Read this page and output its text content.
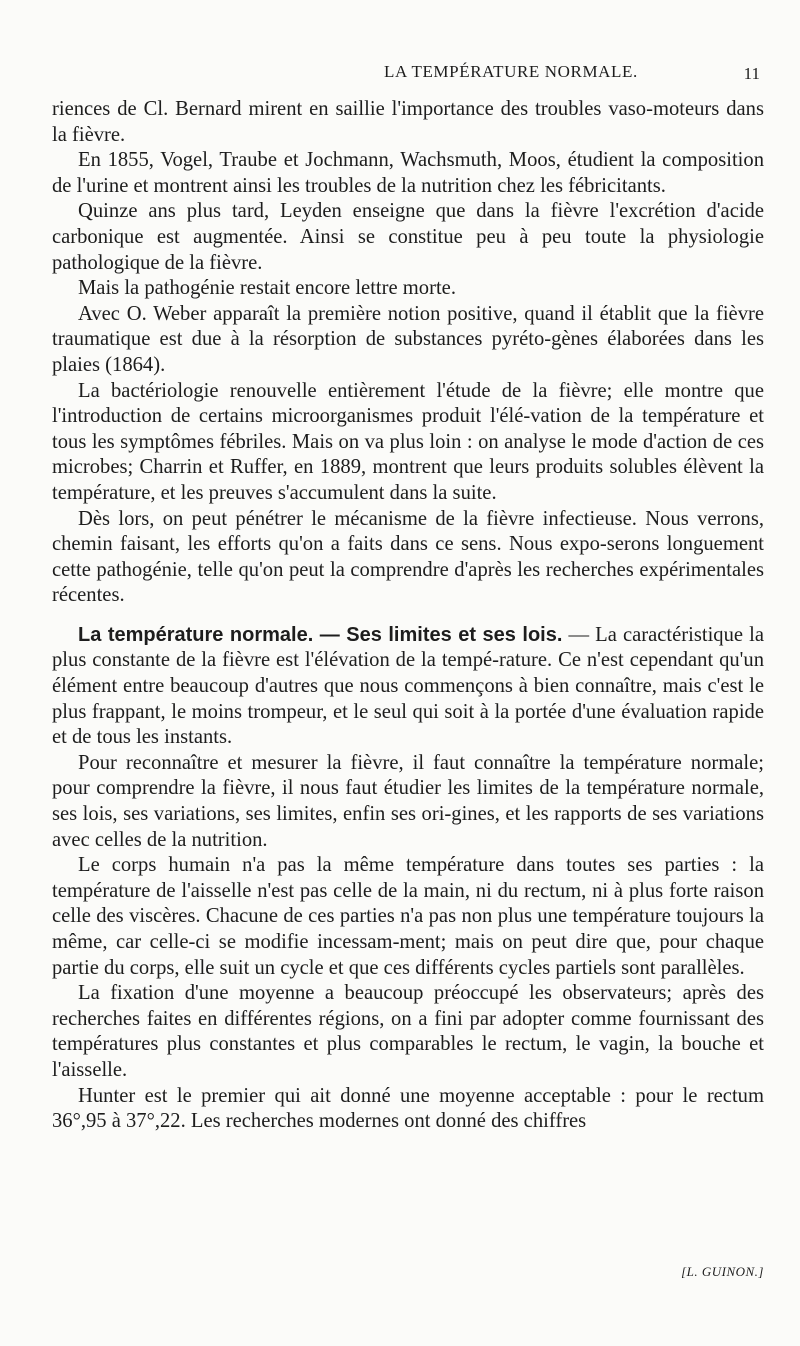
LA TEMPÉRATURE NORMALE.	11

riences de Cl. Bernard mirent en saillie l'importance des troubles vaso-moteurs dans la fièvre.

En 1855, Vogel, Traube et Jochmann, Wachsmuth, Moos, étudient la composition de l'urine et montrent ainsi les troubles de la nutrition chez les fébricitants.

Quinze ans plus tard, Leyden enseigne que dans la fièvre l'excrétion d'acide carbonique est augmentée. Ainsi se constitue peu à peu toute la physiologie pathologique de la fièvre.

Mais la pathogénie restait encore lettre morte.

Avec O. Weber apparaît la première notion positive, quand il établit que la fièvre traumatique est due à la résorption de substances pyréto-gènes élaborées dans les plaies (1864).

La bactériologie renouvelle entièrement l'étude de la fièvre; elle montre que l'introduction de certains microorganismes produit l'élé-vation de la température et tous les symptômes fébriles. Mais on va plus loin : on analyse le mode d'action de ces microbes; Charrin et Ruffer, en 1889, montrent que leurs produits solubles élèvent la température, et les preuves s'accumulent dans la suite.

Dès lors, on peut pénétrer le mécanisme de la fièvre infectieuse. Nous verrons, chemin faisant, les efforts qu'on a faits dans ce sens. Nous expo-serons longuement cette pathogénie, telle qu'on peut la comprendre d'après les recherches expérimentales récentes.

La température normale. — Ses limites et ses lois. — La caractéristique la plus constante de la fièvre est l'élévation de la tempé-rature. Ce n'est cependant qu'un élément entre beaucoup d'autres que nous commençons à bien connaître, mais c'est le plus frappant, le moins trompeur, et le seul qui soit à la portée d'une évaluation rapide et de tous les instants.

Pour reconnaître et mesurer la fièvre, il faut connaître la température normale; pour comprendre la fièvre, il nous faut étudier les limites de la température normale, ses lois, ses variations, ses limites, enfin ses ori-gines, et les rapports de ses variations avec celles de la nutrition.

Le corps humain n'a pas la même température dans toutes ses parties : la température de l'aisselle n'est pas celle de la main, ni du rectum, ni à plus forte raison celle des viscères. Chacune de ces parties n'a pas non plus une température toujours la même, car celle-ci se modifie incessam-ment; mais on peut dire que, pour chaque partie du corps, elle suit un cycle et que ces différents cycles partiels sont parallèles.

La fixation d'une moyenne a beaucoup préoccupé les observateurs; après des recherches faites en différentes régions, on a fini par adopter comme fournissant des températures plus constantes et plus comparables le rectum, le vagin, la bouche et l'aisselle.

Hunter est le premier qui ait donné une moyenne acceptable : pour le rectum 36°,95 à 37°,22. Les recherches modernes ont donné des chiffres

[L. GUINON.]
